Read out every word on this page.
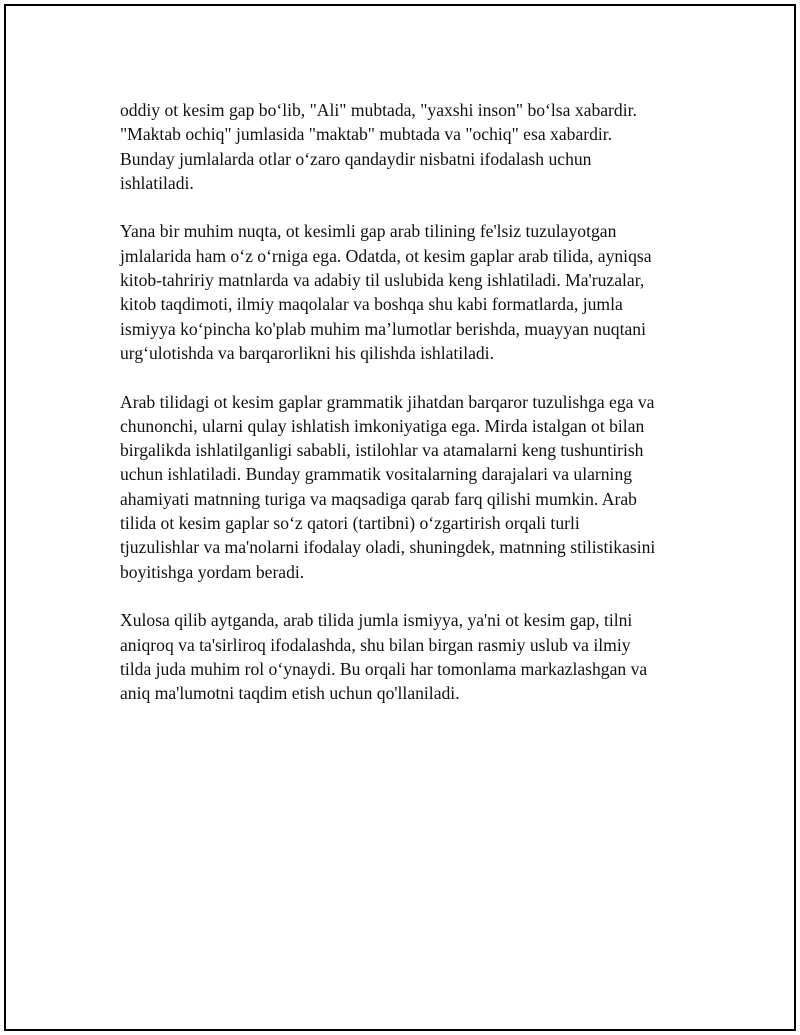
oddiy ot kesim gap boʻlib, "Ali" mubtada, "yaxshi inson" boʻlsa xabardir.
"Maktab ochiq" jumlasida "maktab" mubtada va "ochiq" esa xabardir.
Bunday jumlalarda otlar oʻzaro qandaydir nisbatni ifodalash uchun
ishlatiladi.

Yana bir muhim nuqta, ot kesimli gap arab tilining fe'lsiz tuzulayotgan
jmlalarida ham oʻz oʻrniga ega. Odatda, ot kesim gaplar arab tilida, ayniqsa
kitob-tahririy matnlarda va adabiy til uslubida keng ishlatiladi. Ma'ruzalar,
kitob taqdimoti, ilmiy maqolalar va boshqa shu kabi formatlarda, jumla
ismiyya koʻpincha ko'plab muhim maʼlumotlar berishda, muayyan nuqtani
urgʻulotishda va barqarorlikni his qilishda ishlatiladi.

Arab tilidagi ot kesim gaplar grammatik jihatdan barqaror tuzulishga ega va
chunonchi, ularni qulay ishlatish imkoniyatiga ega. Mirda istalgan ot bilan
birgalikda ishlatilganligi sababli, istilohlar va atamalarni keng tushuntirish
uchun ishlatiladi. Bunday grammatik vositalarning darajalari va ularning
ahamiyati matnning turiga va maqsadiga qarab farq qilishi mumkin. Arab
tilida ot kesim gaplar soʻz qatori (tartibni) oʻzgartirish orqali turli
tjuzulishlar va ma'nolarni ifodalay oladi, shuningdek, matnning stilistikasini
boyitishga yordam beradi.

Xulosa qilib aytganda, arab tilida jumla ismiyya, ya'ni ot kesim gap, tilni
aniqroq va ta'sirliroq ifodalashda, shu bilan birgan rasmiy uslub va ilmiy
tilda juda muhim rol oʻynaydi. Bu orqali har tomonlama markazlashgan va
aniq ma'lumotni taqdim etish uchun qo'llaniladi.
